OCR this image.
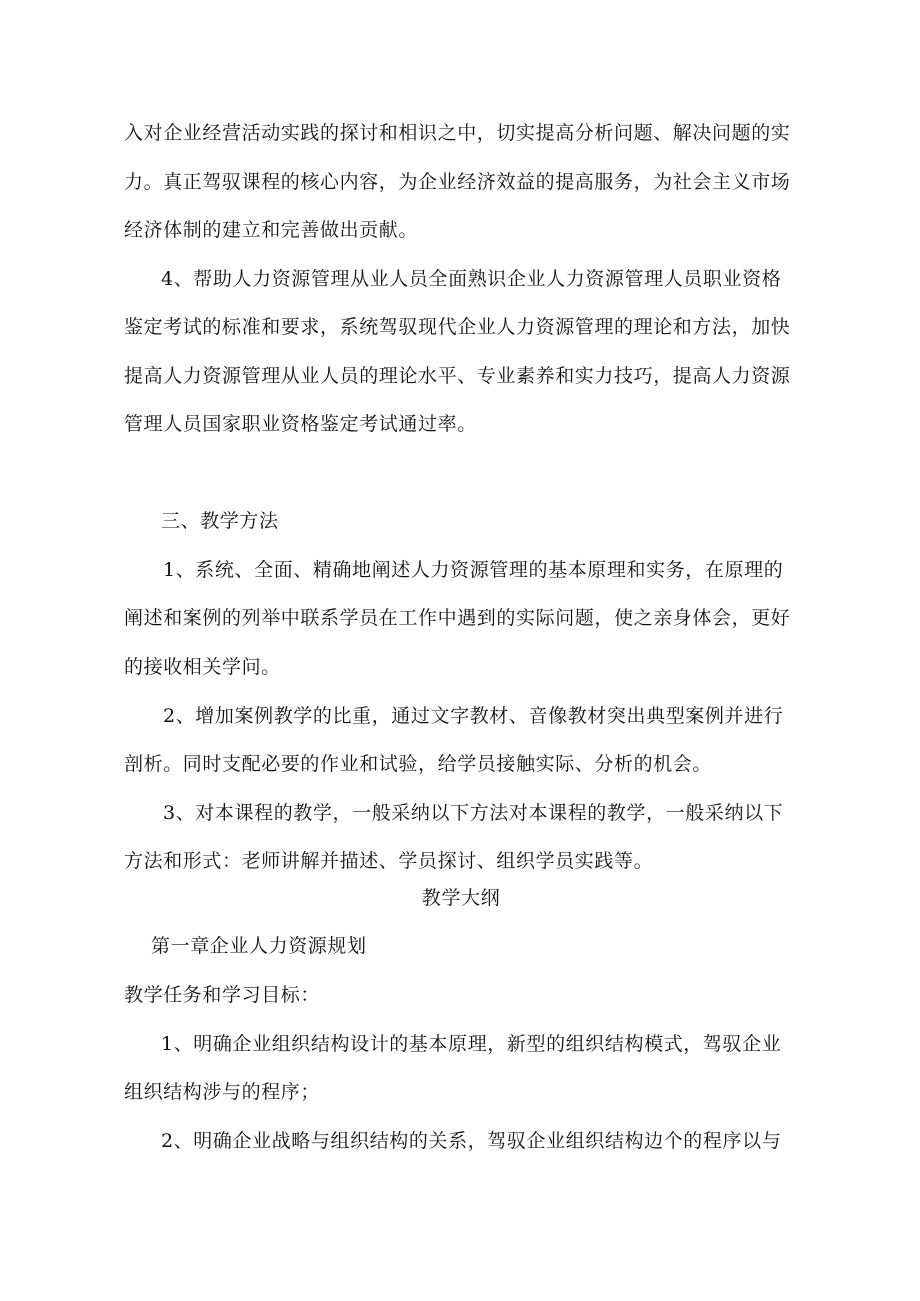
入对企业经营活动实践的探讨和相识之中，切实提高分析问题、解决问题的实
力。真正驾驭课程的核心内容，为企业经济效益的提高服务，为社会主义市场
经济体制的建立和完善做出贡献。
4、帮助人力资源管理从业人员全面熟识企业人力资源管理人员职业资格
鉴定考试的标准和要求，系统驾驭现代企业人力资源管理的理论和方法，加快
提高人力资源管理从业人员的理论水平、专业素养和实力技巧，提高人力资源
管理人员国家职业资格鉴定考试通过率。
三、教学方法
1、系统、全面、精确地阐述人力资源管理的基本原理和实务，在原理的
阐述和案例的列举中联系学员在工作中遇到的实际问题，使之亲身体会，更好
的接收相关学问。
2、增加案例教学的比重，通过文字教材、音像教材突出典型案例并进行
剖析。同时支配必要的作业和试验，给学员接触实际、分析的机会。
3、对本课程的教学，一般采纳以下方法对本课程的教学，一般采纳以下
方法和形式：老师讲解并描述、学员探讨、组织学员实践等。
教学大纲
第一章企业人力资源规划
教学任务和学习目标：
1、明确企业组织结构设计的基本原理，新型的组织结构模式，驾驭企业
组织结构涉与的程序；
2、明确企业战略与组织结构的关系，驾驭企业组织结构边个的程序以与
